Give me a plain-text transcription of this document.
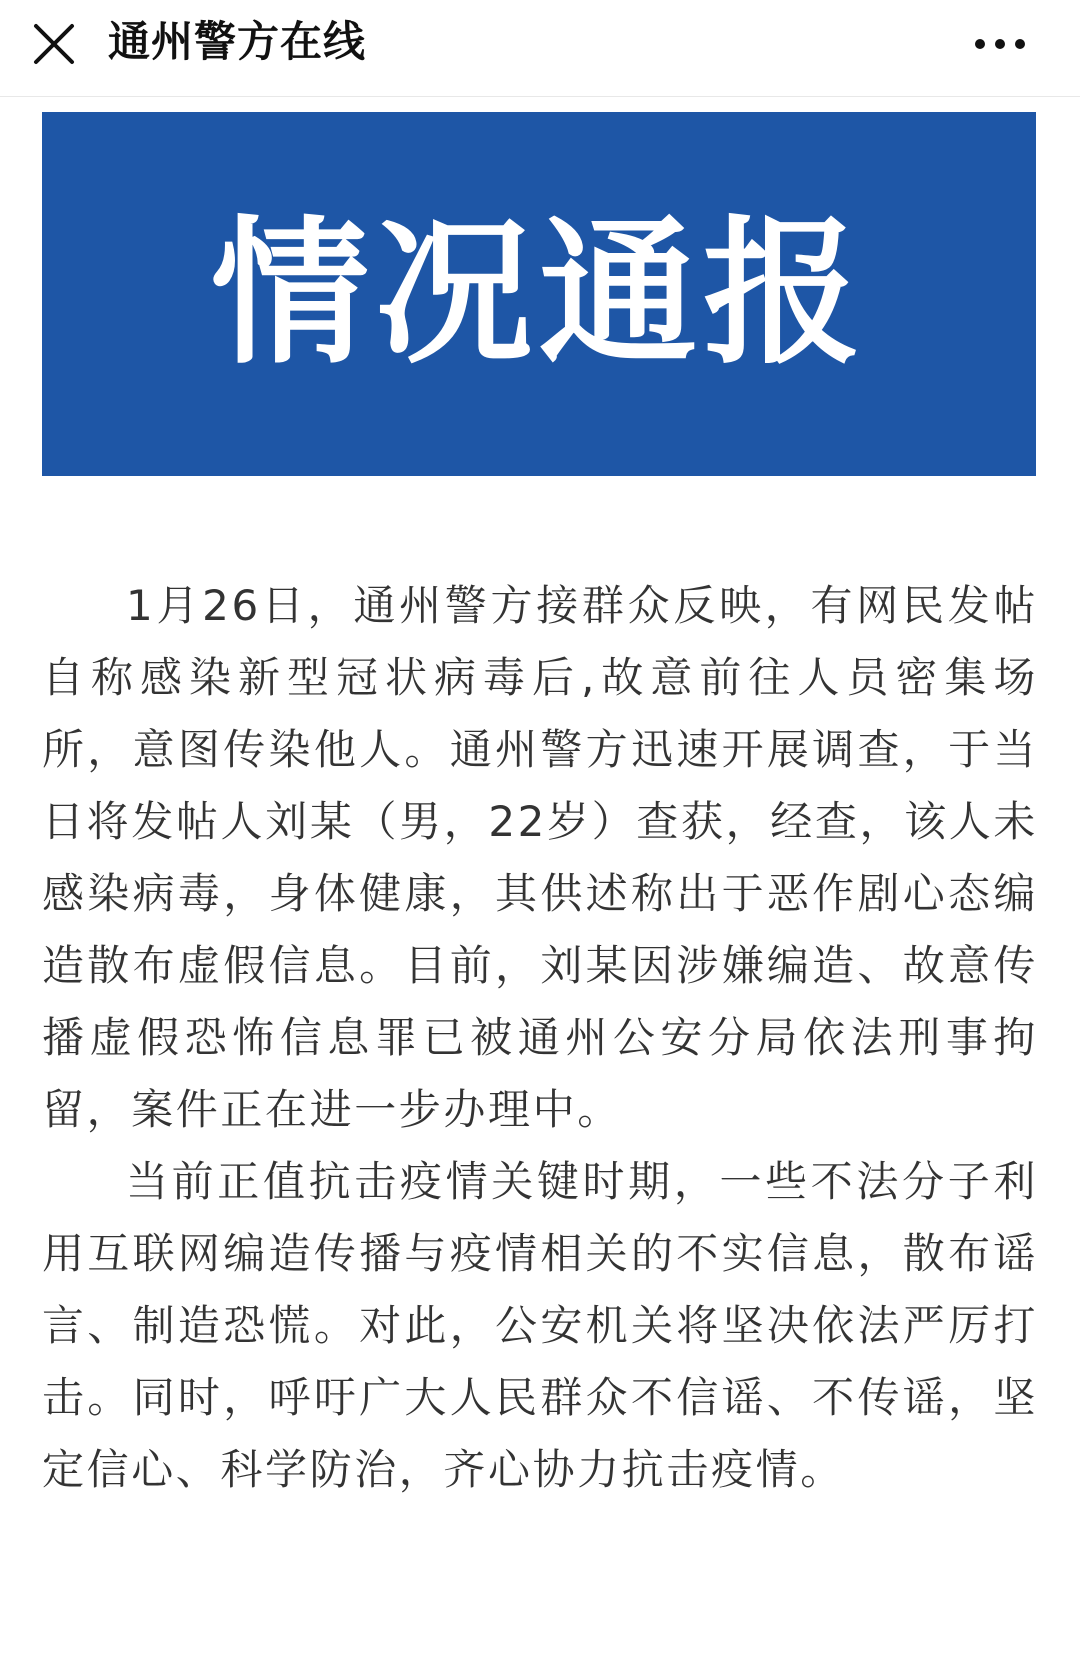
通州警方在线
情况通报

1月26日，通州警方接群众反映，有网民发帖自称感染新型冠状病毒后,故意前往人员密集场所，意图传染他人。通州警方迅速开展调查，于当日将发帖人刘某（男，22岁）查获，经查，该人未感染病毒，身体健康，其供述称出于恶作剧心态编造散布虚假信息。目前，刘某因涉嫌编造、故意传播虚假恐怖信息罪已被通州公安分局依法刑事拘留，案件正在进一步办理中。

当前正值抗击疫情关键时期，一些不法分子利用互联网编造传播与疫情相关的不实信息，散布谣言、制造恐慌。对此，公安机关将坚决依法严厉打击。同时，呼吁广大人民群众不信谣、不传谣，坚定信心、科学防治，齐心协力抗击疫情。
